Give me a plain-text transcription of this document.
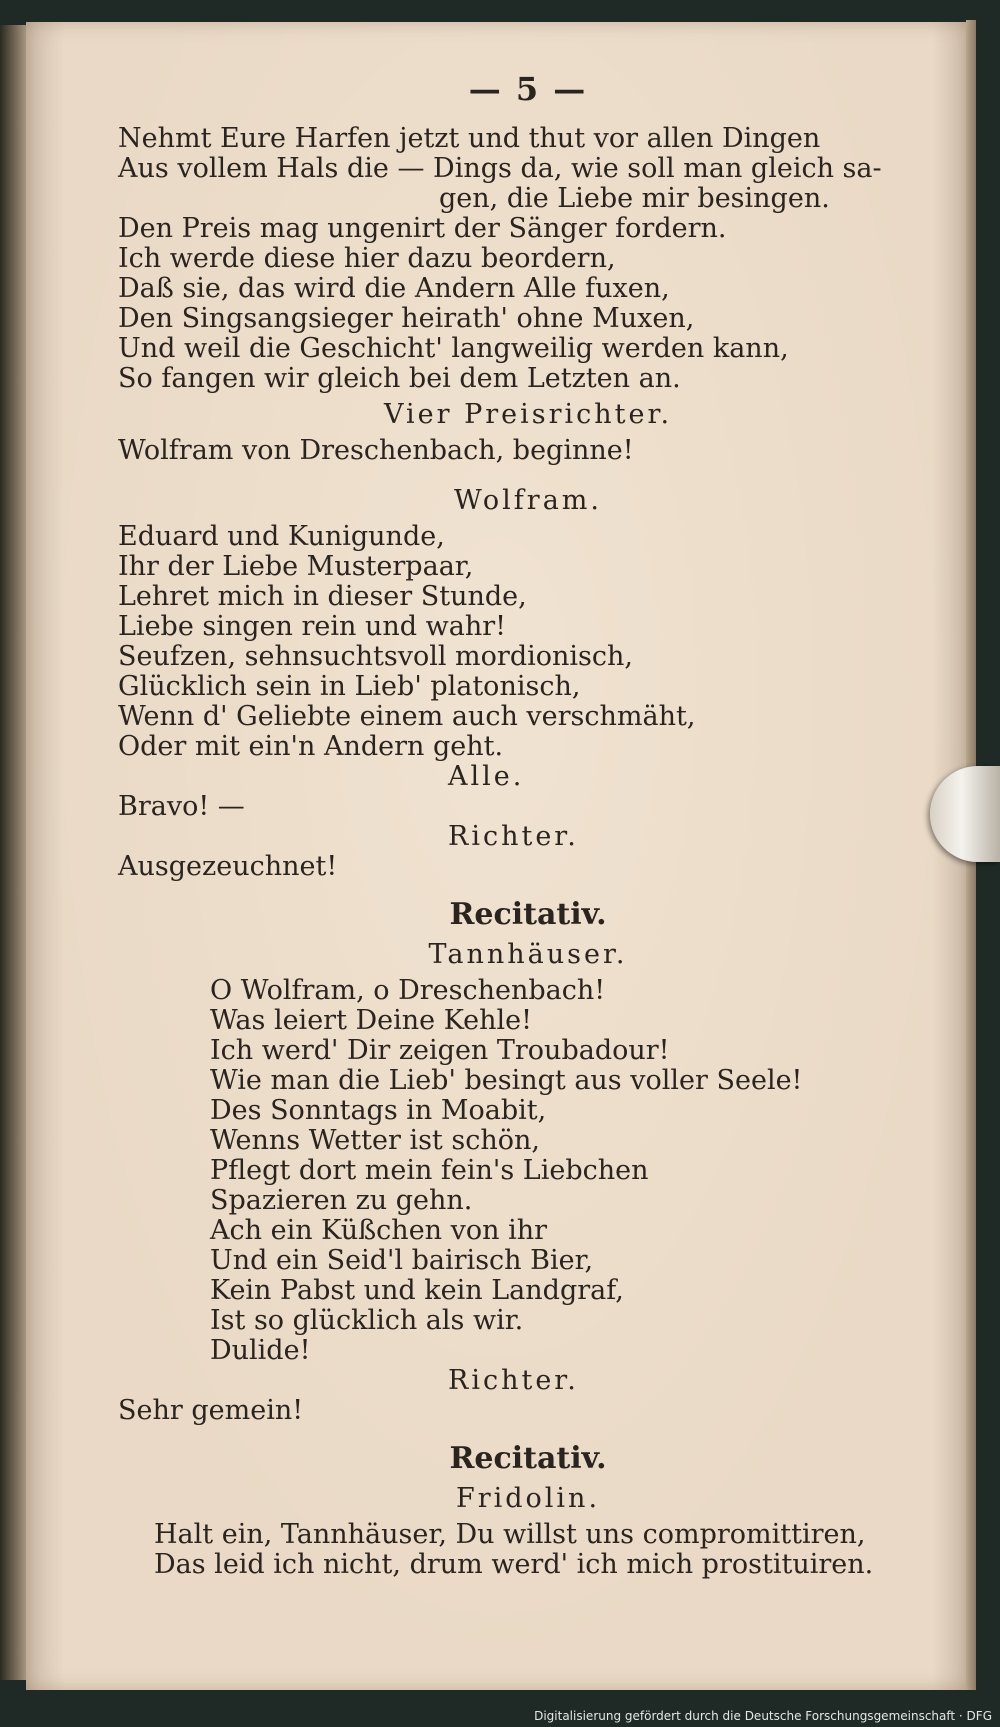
— 5 —
Nehmt Eure Harfen jetzt und thut vor allen Dingen
Aus vollem Hals die — Dings da, wie soll man gleich sa-
gen, die Liebe mir besingen.
Den Preis mag ungenirt der Sänger fordern.
Ich werde diese hier dazu beordern,
Daß sie, das wird die Andern Alle fuxen,
Den Singsangsieger heirath' ohne Muxen,
Und weil die Geschicht' langweilig werden kann,
So fangen wir gleich bei dem Letzten an.
Vier Preisrichter.
Wolfram von Dreschenbach, beginne!
Wolfram.
Eduard und Kunigunde,
Ihr der Liebe Musterpaar,
Lehret mich in dieser Stunde,
Liebe singen rein und wahr!
Seufzen, sehnsuchtsvoll mordionisch,
Glücklich sein in Lieb' platonisch,
Wenn d' Geliebte einem auch verschmäht,
Oder mit ein'n Andern geht.
Alle.
Bravo! —
Richter.
Ausgezeuchnet!
Recitativ.
Tannhäuser.
O Wolfram, o Dreschenbach!
Was leiert Deine Kehle!
Ich werd' Dir zeigen Troubadour!
Wie man die Lieb' besingt aus voller Seele!
Des Sonntags in Moabit,
Wenns Wetter ist schön,
Pflegt dort mein fein's Liebchen
Spazieren zu gehn.
Ach ein Küßchen von ihr
Und ein Seid'l bairisch Bier,
Kein Pabst und kein Landgraf,
Ist so glücklich als wir.
Dulide!
Richter.
Sehr gemein!
Recitativ.
Fridolin.
Halt ein, Tannhäuser, Du willst uns compromittiren,
Das leid ich nicht, drum werd' ich mich prostituiren.
Digitalisierung gefördert durch die Deutsche Forschungsgemeinschaft · DFG
